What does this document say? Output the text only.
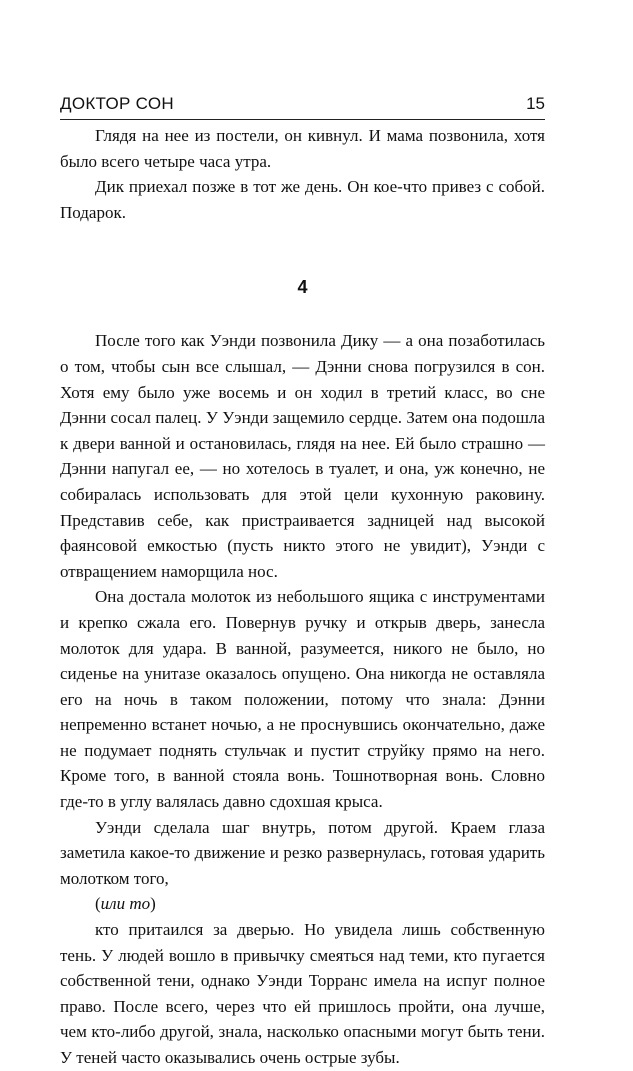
ДОКТОР СОН	15

Глядя на нее из постели, он кивнул. И мама позвонила, хотя было всего четыре часа утра.

Дик приехал позже в тот же день. Он кое-что привез с собой. Подарок.

4

После того как Уэнди позвонила Дику — а она позаботилась о том, чтобы сын все слышал, — Дэнни снова погрузился в сон. Хотя ему было уже восемь и он ходил в третий класс, во сне Дэнни сосал палец. У Уэнди защемило сердце. Затем она подошла к двери ванной и остановилась, глядя на нее. Ей было страшно — Дэнни напугал ее, — но хотелось в туалет, и она, уж конечно, не собиралась использовать для этой цели кухонную раковину. Представив себе, как пристраивается задницей над высокой фаянсовой емкостью (пусть никто этого не увидит), Уэнди с отвращением наморщила нос.

Она достала молоток из небольшого ящика с инструментами и крепко сжала его. Повернув ручку и открыв дверь, занесла молоток для удара. В ванной, разумеется, никого не было, но сиденье на унитазе оказалось опущено. Она никогда не оставляла его на ночь в таком положении, потому что знала: Дэнни непременно встанет ночью, а не проснувшись окончательно, даже не подумает поднять стульчак и пустит струйку прямо на него. Кроме того, в ванной стояла вонь. Тошнотворная вонь. Словно где-то в углу валялась давно сдохшая крыса.

Уэнди сделала шаг внутрь, потом другой. Краем глаза заметила какое-то движение и резко развернулась, готовая ударить молотком того,

(или то)

кто притаился за дверью. Но увидела лишь собственную тень. У людей вошло в привычку смеяться над теми, кто пугается собственной тени, однако Уэнди Торранс имела на испуг полное право. После всего, через что ей пришлось пройти, она лучше, чем кто-либо другой, знала, насколько опасными могут быть тени. У теней часто оказывались очень острые зубы.
